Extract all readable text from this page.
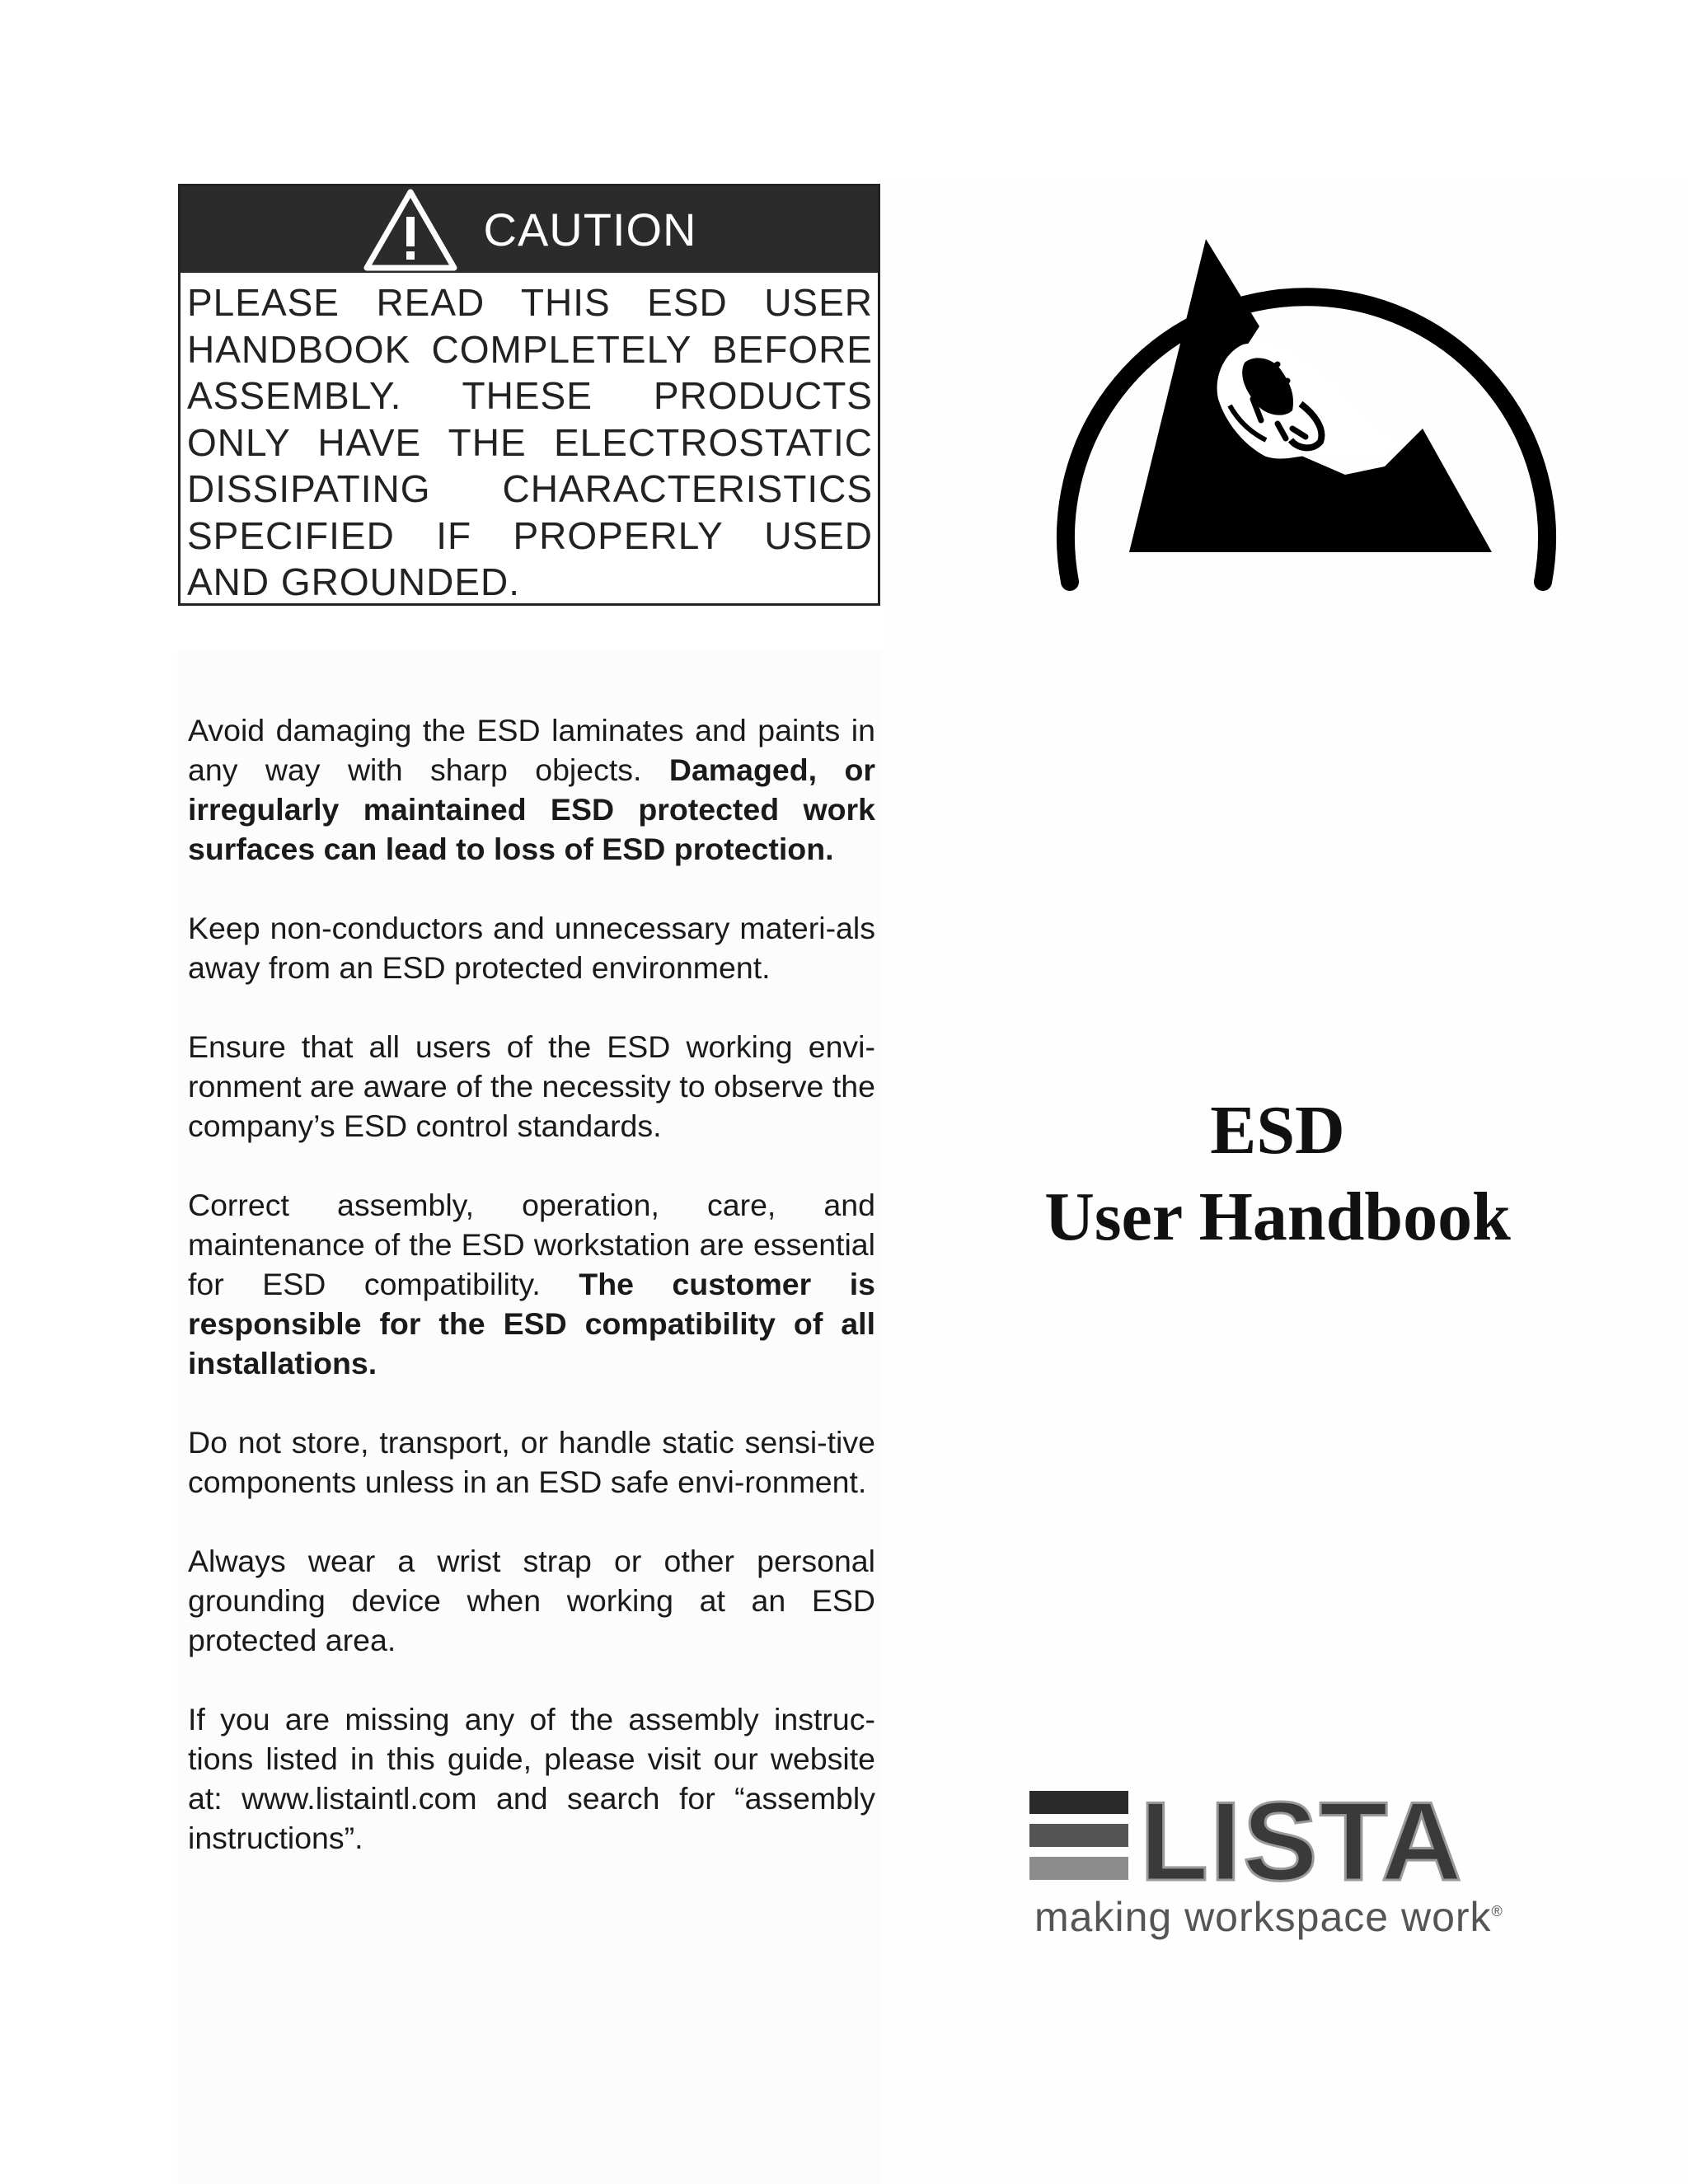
CAUTION

PLEASE READ THIS ESD USER HANDBOOK COMPLETELY BEFORE ASSEMBLY. THESE PRODUCTS ONLY HAVE THE ELECTROSTATIC DISSIPATING CHARACTERISTICS SPECIFIED IF PROPERLY USED AND GROUNDED.

Avoid damaging the ESD laminates and paints in any way with sharp objects. Damaged, or irregularly maintained ESD protected work surfaces can lead to loss of ESD protection.

Keep non-conductors and unnecessary materi-als away from an ESD protected environment.

Ensure that all users of the ESD working envi-ronment are aware of the necessity to observe the company’s ESD control standards.

Correct assembly, operation, care, and maintenance of the ESD workstation are essential for ESD compatibility. The customer is responsible for the ESD compatibility of all installations.

Do not store, transport, or handle static sensi-tive components unless in an ESD safe envi-ronment.

Always wear a wrist strap or other personal grounding device when working at an ESD protected area.

If you are missing any of the assembly instruc-tions listed in this guide, please visit our website at: www.listaintl.com and search for “assembly instructions”.

ESD
User Handbook
LISTA
making workspace work®
